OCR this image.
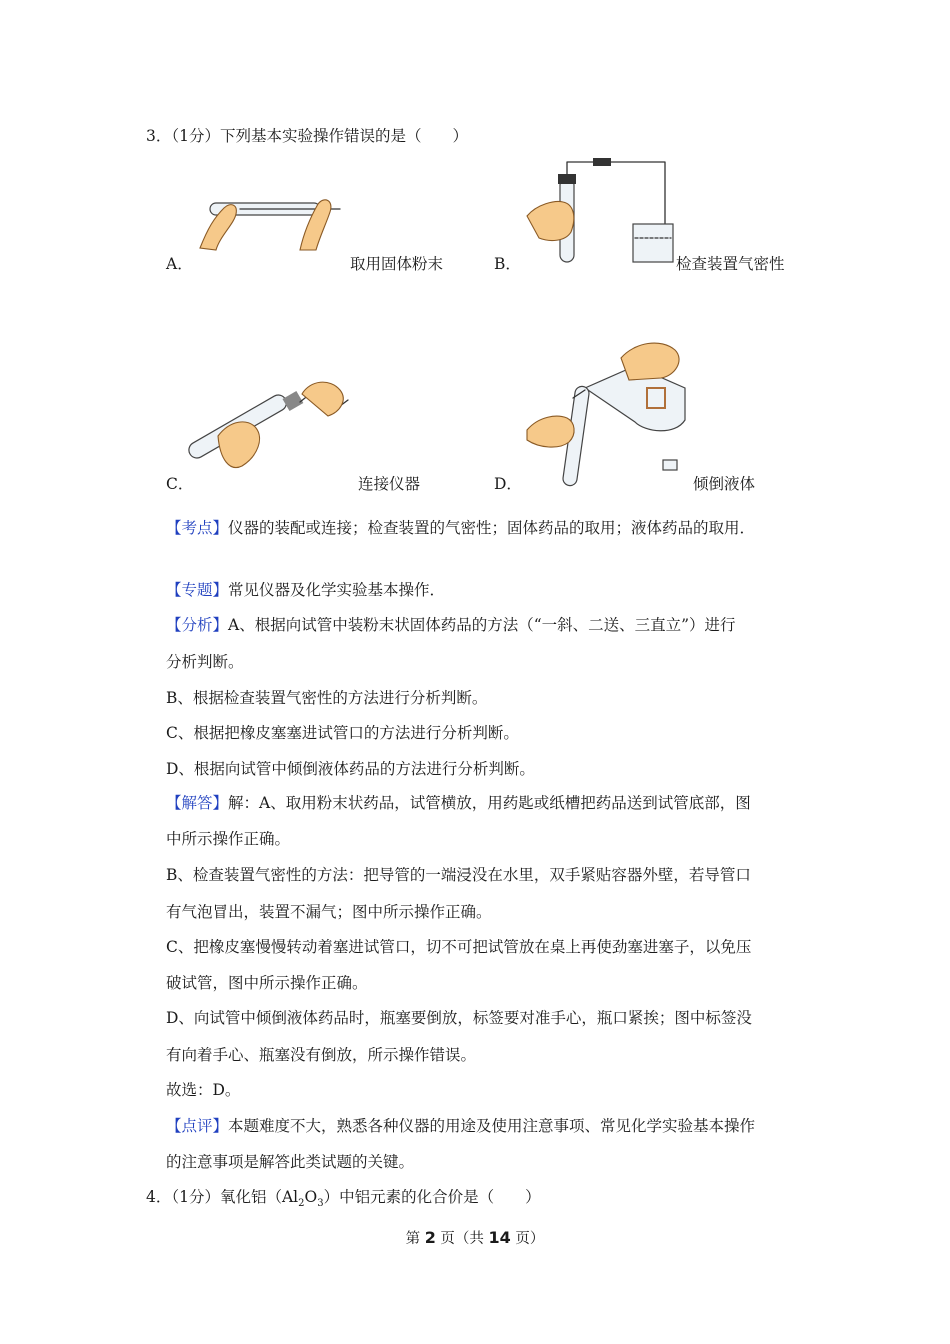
3．（1分）下列基本实验操作错误的是（　　）
A．	取用固体粉末	B．	检查装置气密性
C．	连接仪器	D．	倾倒液体
【考点】仪器的装配或连接；检查装置的气密性；固体药品的取用；液体药品的取用．
【专题】常见仪器及化学实验基本操作．
【分析】A、根据向试管中装粉末状固体药品的方法（“一斜、二送、三直立”）进行
分析判断。
B、根据检查装置气密性的方法进行分析判断。
C、根据把橡皮塞塞进试管口的方法进行分析判断。
D、根据向试管中倾倒液体药品的方法进行分析判断。
【解答】解：A、取用粉末状药品，试管横放，用药匙或纸槽把药品送到试管底部，图
中所示操作正确。
B、检查装置气密性的方法：把导管的一端浸没在水里，双手紧贴容器外壁，若导管口
有气泡冒出，装置不漏气；图中所示操作正确。
C、把橡皮塞慢慢转动着塞进试管口，切不可把试管放在桌上再使劲塞进塞子，以免压
破试管，图中所示操作正确。
D、向试管中倾倒液体药品时，瓶塞要倒放，标签要对准手心，瓶口紧挨；图中标签没
有向着手心、瓶塞没有倒放，所示操作错误。
故选：D。
【点评】本题难度不大，熟悉各种仪器的用途及使用注意事项、常见化学实验基本操作
的注意事项是解答此类试题的关键。
4．（1分）氧化铝$(Al_2O_3)$中铝元素的化合价是（　　）
第 2 页（共 14 页）
